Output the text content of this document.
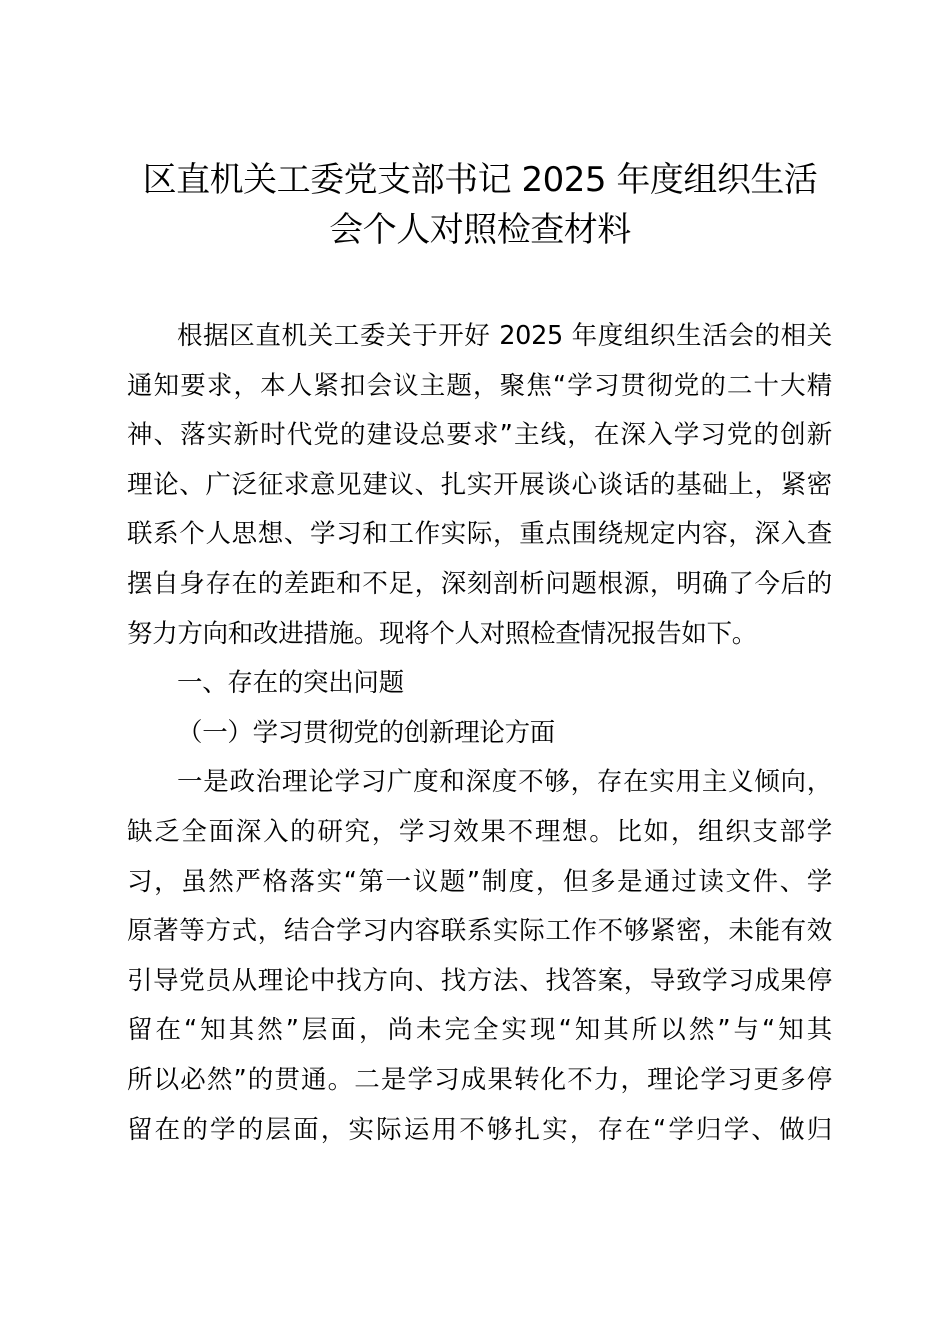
区直机关工委党支部书记 2025 年度组织生活
会个人对照检查材料
根据区直机关工委关于开好 2025 年度组织生活会的相关
通知要求，本人紧扣会议主题，聚焦“学习贯彻党的二十大精
神、落实新时代党的建设总要求”主线，在深入学习党的创新
理论、广泛征求意见建议、扎实开展谈心谈话的基础上，紧密
联系个人思想、学习和工作实际，重点围绕规定内容，深入查
摆自身存在的差距和不足，深刻剖析问题根源，明确了今后的
努力方向和改进措施。现将个人对照检查情况报告如下。
一、存在的突出问题
（一）学习贯彻党的创新理论方面
一是政治理论学习广度和深度不够，存在实用主义倾向，
缺乏全面深入的研究，学习效果不理想。比如，组织支部学
习，虽然严格落实“第一议题”制度，但多是通过读文件、学
原著等方式，结合学习内容联系实际工作不够紧密，未能有效
引导党员从理论中找方向、找方法、找答案，导致学习成果停
留在“知其然”层面，尚未完全实现“知其所以然”与“知其
所以必然”的贯通。二是学习成果转化不力，理论学习更多停
留在的学的层面，实际运用不够扎实，存在“学归学、做归
